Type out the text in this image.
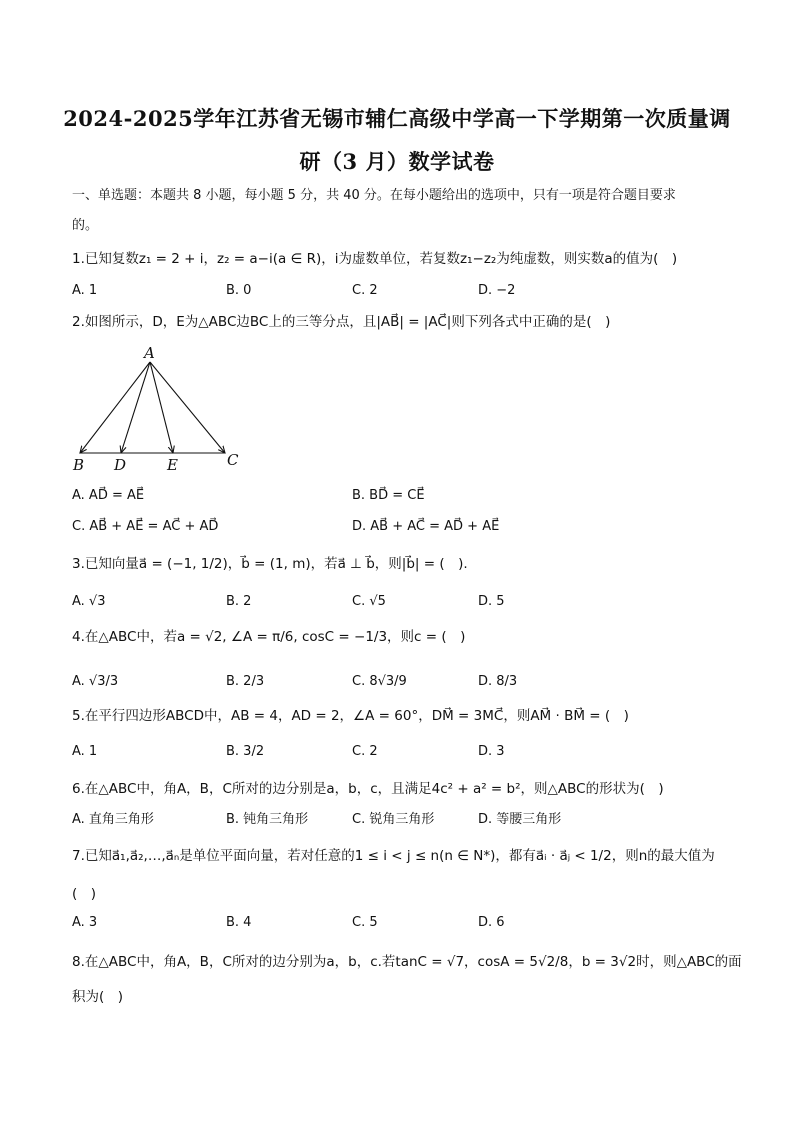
2024-2025学年江苏省无锡市辅仁高级中学高一下学期第一次质量调
研（3 月）数学试卷
一、单选题：本题共 8 小题，每小题 5 分，共 40 分。在每小题给出的选项中，只有一项是符合题目要求
的。
1.已知复数z₁ = 2 + i，z₂ = a−i(a ∈ R)，i为虚数单位，若复数z₁−z₂为纯虚数，则实数a的值为(　)
A. 1	B. 0	C. 2	D. −2
2.如图所示，D，E为△ABC边BC上的三等分点，且|AB⃗| = |AC⃗|则下列各式中正确的是(　)
A
B D	E	C
A. AD⃗ = AE⃗	B. BD⃗ = CE⃗
C. AB⃗ + AE⃗ = AC⃗ + AD⃗	D. AB⃗ + AC⃗ = AD⃗ + AE⃗
3.已知向量a⃗ = (−1, 1/2)，b⃗ = (1, m)，若a⃗ ⊥ b⃗，则|b⃗| = (　).
A. √3	B. 2	C. √5	D. 5
4.在△ABC中，若a = √2, ∠A = π/6, cosC = −1/3，则c = (　)
A. √3/3	B. 2/3	C. 8√3/9	D. 8/3
5.在平行四边形ABCD中，AB = 4，AD = 2，∠A = 60°，DM⃗ = 3MC⃗，则AM⃗ · BM⃗ = (　)
A. 1	B. 3/2	C. 2	D. 3
6.在△ABC中，角A，B，C所对的边分别是a，b，c，且满足4c² + a² = b²，则△ABC的形状为(　)
A. 直角三角形	B. 钝角三角形	C. 锐角三角形	D. 等腰三角形
7.已知a⃗₁,a⃗₂,…,a⃗ₙ是单位平面向量，若对任意的1 ≤ i < j ≤ n(n ∈ N*)，都有a⃗ᵢ · a⃗ⱼ < 1/2，则n的最大值为
(　)
A. 3	B. 4	C. 5	D. 6
8.在△ABC中，角A，B，C所对的边分别为a，b，c.若tanC = √7，cosA = 5√2/8，b = 3√2时，则△ABC的面
积为(　)
